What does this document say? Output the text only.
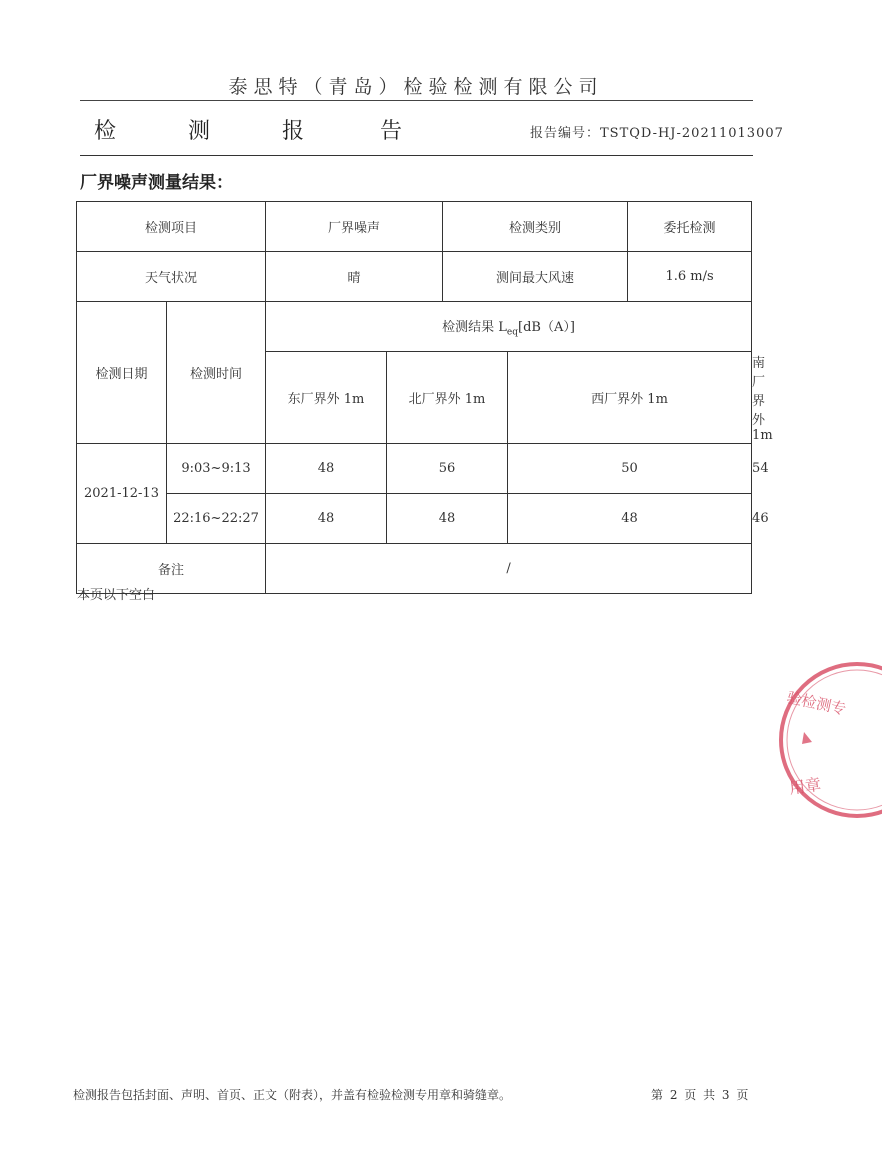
泰思特（青岛）检验检测有限公司
检	测	报	告	报告编号：TSTQD-HJ-20211013007
厂界噪声测量结果：
检测项目		厂界噪声		检测类别		委托检测	
天气状况		晴		测间最大风速		1.6 m/s	
检测日期	检测时间	检测结果 $L_{eq}[dB(A)]$					
		东厂界外 1m	北厂界外 1m		西厂界外 1m		南厂界外 1m
2021-12-13	9:03~9:13	48	56		50		54
	22:16~22:27	48	48		48		46
备注		/					
本页以下空白
验检测专
用章
检测报告包括封面、声明、首页、正文（附表），并盖有检验检测专用章和骑缝章。	第 2 页 共 3 页
